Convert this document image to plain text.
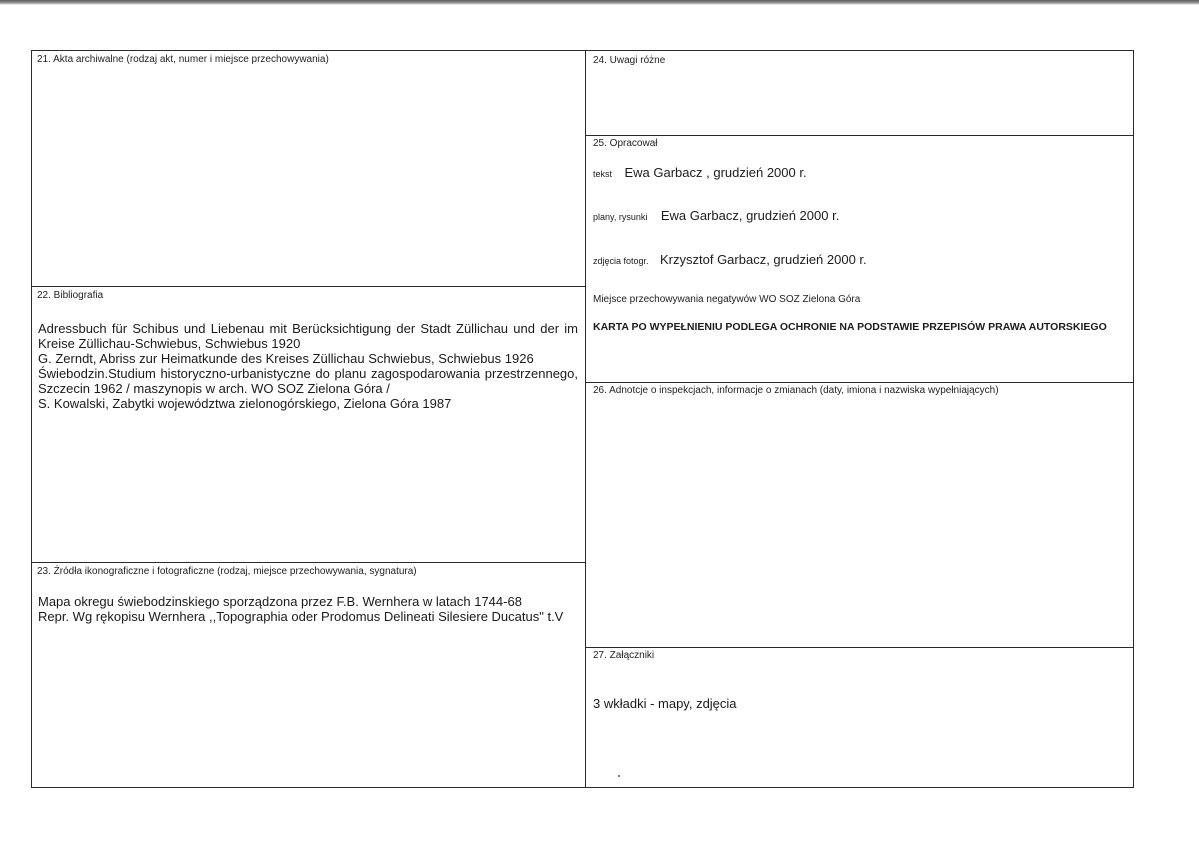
21. Akta archiwalne (rodzaj akt, numer i miejsce przechowywania)
22. Bibliografia

Adressbuch für Schibus und Liebenau mit Berücksichtigung der Stadt Züllichau und der im Kreise Züllichau-Schwiebus, Schwiebus 1920

G. Zerndt, Abriss zur Heimatkunde des Kreises Züllichau Schwiebus, Schwiebus 1926

Świebodzin.Studium historyczno-urbanistyczne do planu zagospodarowania przestrzennego, Szczecin 1962 / maszynopis w arch. WO SOZ Zielona Góra /

S. Kowalski, Zabytki województwa zielonogórskiego, Zielona Góra 1987

23. Źródła ikonograficzne i fotograficzne (rodzaj, miejsce przechowywania, sygnatura)

Mapa okregu świebodzinskiego sporządzona przez F.B. Wernhera w latach 1744-68

Repr. Wg rękopisu Wernhera ,,Topographia oder Prodomus Delineati Silesiere Ducatus" t.V

24. Uwagi różne
25. Opracował
tekst Ewa Garbacz , grudzień 2000 r.
plany, rysunki Ewa Garbacz, grudzień 2000 r.
zdjęcia fotogr. Krzysztof Garbacz, grudzień 2000 r.
Miejsce przechowywania negatywów WO SOZ Zielona Góra
KARTA PO WYPEŁNIENIU PODLEGA OCHRONIE NA PODSTAWIE PRZEPISÓW PRAWA AUTORSKIEGO
26. Adnotcje o inspekcjach, informacje o zmianach (daty, imiona i nazwiska wypełniających)
27. Załączniki
3 wkładki - mapy, zdjęcia
